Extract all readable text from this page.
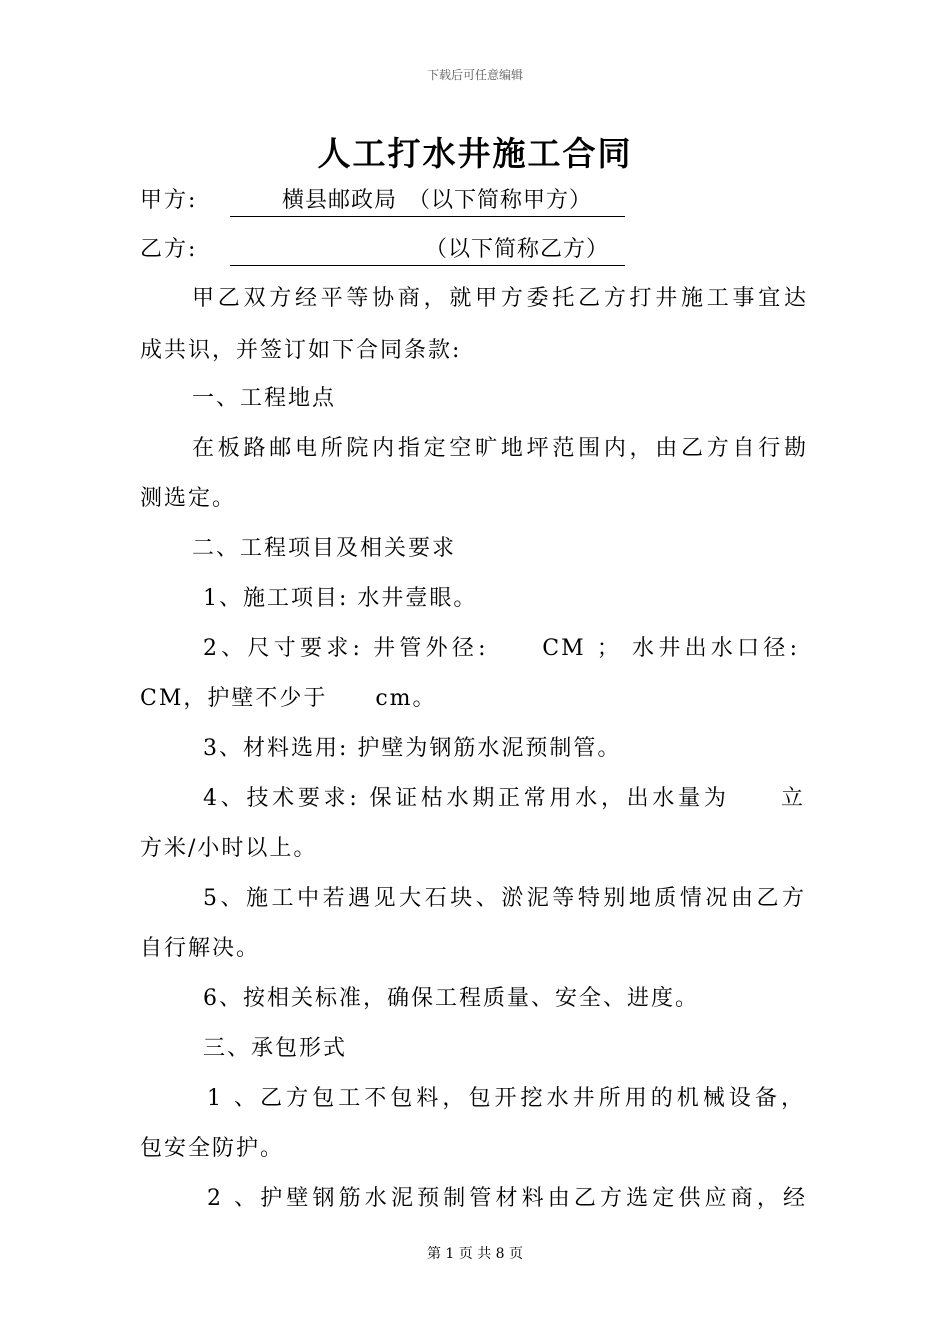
下载后可任意编辑
人工打水井施工合同
甲方:	横县邮政局 （以下简称甲方）
乙方:	（以下简称乙方）
甲乙双方经平等协商，就甲方委托乙方打井施工事宜达
成共识，并签订如下合同条款:
一、工程地点
在板路邮电所院内指定空旷地坪范围内，由乙方自行勘
测选定。
二、工程项目及相关要求
1、施工项目: 水井壹眼。
2、尺寸要求: 井管外径:　　CM ； 水井出水口径:
CM，护壁不少于　　cm。
3、材料选用: 护壁为钢筋水泥预制管。
4、技术要求: 保证枯水期正常用水，出水量为　　立
方米/小时以上。
5、施工中若遇见大石块、淤泥等特别地质情况由乙方
自行解决。
6、按相关标准，确保工程质量、安全、进度。
三、承包形式
1 、乙方包工不包料，包开挖水井所用的机械设备，
包安全防护。
2 、护壁钢筋水泥预制管材料由乙方选定供应商，经
第 1 页 共 8 页
